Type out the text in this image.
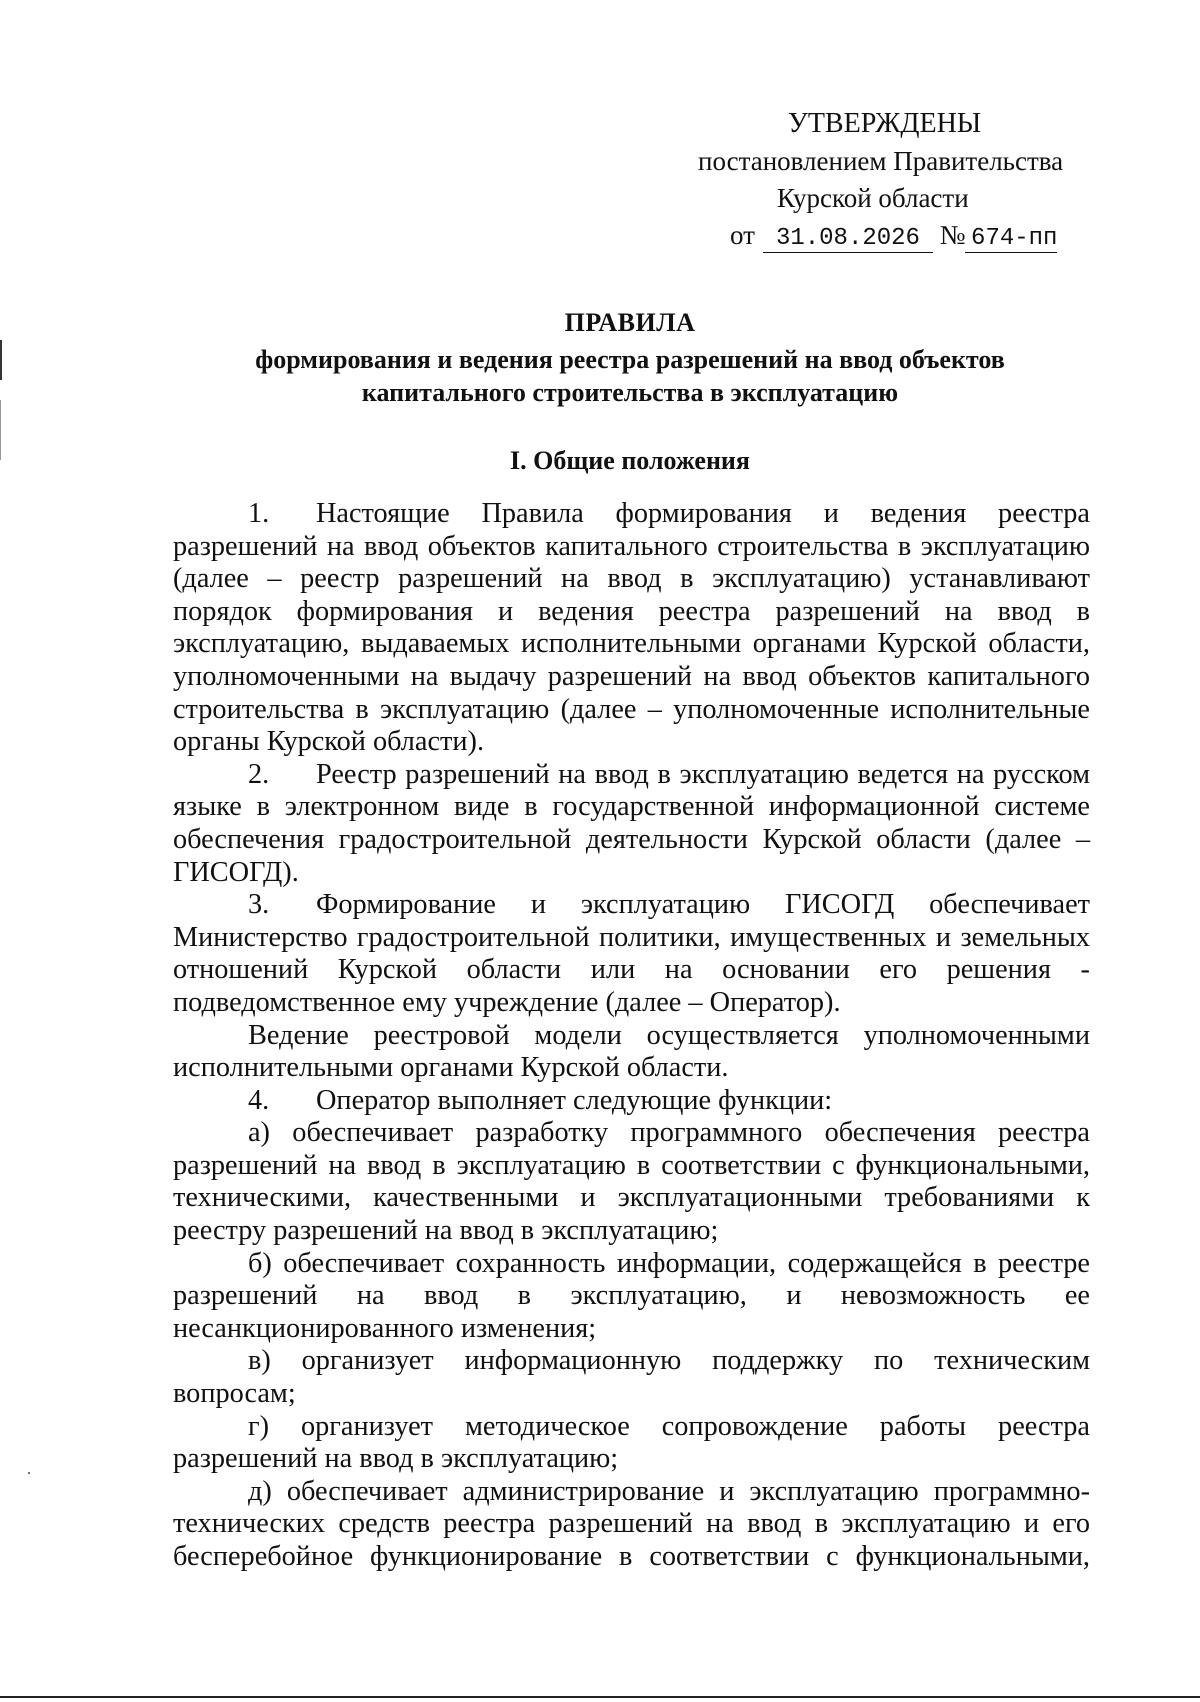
УТВЕРЖДЕНЫ
постановлением Правительства
Курской области
от 31.08.2026 № 674-пп
ПРАВИЛА
формирования и ведения реестра разрешений на ввод объектов
капитального строительства в эксплуатацию
I. Общие положения

1. Настоящие Правила формирования и ведения реестра разрешений на ввод объектов капитального строительства в эксплуатацию (далее – реестр разрешений на ввод в эксплуатацию) устанавливают порядок формирования и ведения реестра разрешений на ввод в эксплуатацию, выдаваемых исполнительными органами Курской области, уполномоченными на выдачу разрешений на ввод объектов капитального строительства в эксплуатацию (далее – уполномоченные исполнительные органы Курской области).

2. Реестр разрешений на ввод в эксплуатацию ведется на русском языке в электронном виде в государственной информационной системе обеспечения градостроительной деятельности Курской области (далее – ГИСОГД).

3. Формирование и эксплуатацию ГИСОГД обеспечивает Министерство градостроительной политики, имущественных и земельных отношений Курской области или на основании его решения - подведомственное ему учреждение (далее – Оператор).

Ведение реестровой модели осуществляется уполномоченными исполнительными органами Курской области.

4. Оператор выполняет следующие функции:

а) обеспечивает разработку программного обеспечения реестра разрешений на ввод в эксплуатацию в соответствии с функциональными, техническими, качественными и эксплуатационными требованиями к реестру разрешений на ввод в эксплуатацию;

б) обеспечивает сохранность информации, содержащейся в реестре разрешений на ввод в эксплуатацию, и невозможность ее несанкционированного изменения;

в) организует информационную поддержку по техническим вопросам;

г) организует методическое сопровождение работы реестра разрешений на ввод в эксплуатацию;

д) обеспечивает администрирование и эксплуатацию программно-технических средств реестра разрешений на ввод в эксплуатацию и его бесперебойное функционирование в соответствии с функциональными,
